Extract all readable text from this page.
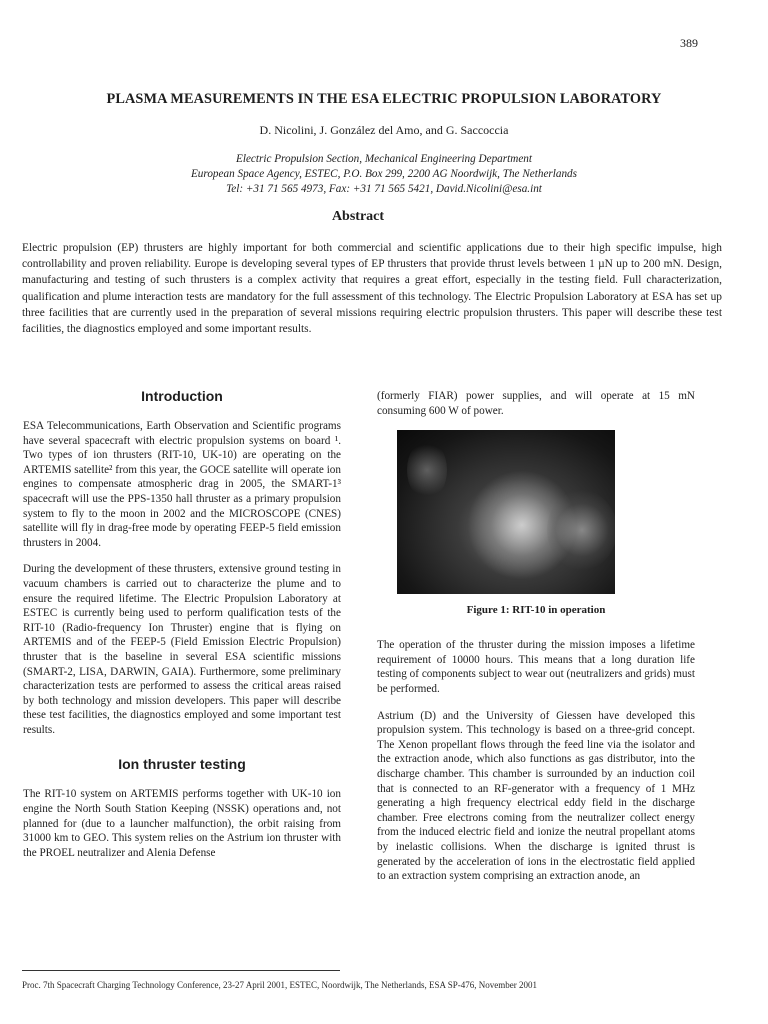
389
PLASMA MEASUREMENTS IN THE ESA ELECTRIC PROPULSION LABORATORY
D. Nicolini, J. González del Amo, and G. Saccoccia
Electric Propulsion Section, Mechanical Engineering Department
European Space Agency, ESTEC, P.O. Box 299, 2200 AG Noordwijk, The Netherlands
Tel: +31 71 565 4973, Fax: +31 71 565 5421, David.Nicolini@esa.int
Abstract

Electric propulsion (EP) thrusters are highly important for both commercial and scientific applications due to their high specific impulse, high controllability and proven reliability. Europe is developing several types of EP thrusters that provide thrust levels between 1 µN up to 200 mN. Design, manufacturing and testing of such thrusters is a complex activity that requires a great effort, especially in the testing field. Full characterization, qualification and plume interaction tests are mandatory for the full assessment of this technology. The Electric Propulsion Laboratory at ESA has set up three facilities that are currently used in the preparation of several missions requiring electric propulsion thrusters. This paper will describe these test facilities, the diagnostics employed and some important results.

Introduction

ESA Telecommunications, Earth Observation and Scientific programs have several spacecraft with electric propulsion systems on board ¹. Two types of ion thrusters (RIT-10, UK-10) are operating on the ARTEMIS satellite² from this year, the GOCE satellite will operate ion engines to compensate atmospheric drag in 2005, the SMART-1³ spacecraft will use the PPS-1350 hall thruster as a primary propulsion system to fly to the moon in 2002 and the MICROSCOPE (CNES) satellite will fly in drag-free mode by operating FEEP-5 field emission thrusters in 2004.

During the development of these thrusters, extensive ground testing in vacuum chambers is carried out to characterize the plume and to ensure the required lifetime. The Electric Propulsion Laboratory at ESTEC is currently being used to perform qualification tests of the RIT-10 (Radio-frequency Ion Thruster) engine that is flying on ARTEMIS and of the FEEP-5 (Field Emission Electric Propulsion) thruster that is the baseline in several ESA scientific missions (SMART-2, LISA, DARWIN, GAIA). Furthermore, some preliminary characterization tests are performed to assess the critical areas raised by both technology and mission developers. This paper will describe these test facilities, the diagnostics employed and some important test results.

Ion thruster testing

The RIT-10 system on ARTEMIS performs together with UK-10 ion engine the North South Station Keeping (NSSK) operations and, not planned for (due to a launcher malfunction), the orbit raising from 31000 km to GEO. This system relies on the Astrium ion thruster with the PROEL neutralizer and Alenia Defense

(formerly FIAR) power supplies, and will operate at 15 mN consuming 600 W of power.

Figure 1: RIT-10 in operation

The operation of the thruster during the mission imposes a lifetime requirement of 10000 hours. This means that a long duration life testing of components subject to wear out (neutralizers and grids) must be performed.

Astrium (D) and the University of Giessen have developed this propulsion system. This technology is based on a three-grid concept. The Xenon propellant flows through the feed line via the isolator and the extraction anode, which also functions as gas distributor, into the discharge chamber. This chamber is surrounded by an induction coil that is connected to an RF-generator with a frequency of 1 MHz generating a high frequency electrical eddy field in the discharge chamber. Free electrons coming from the neutralizer collect energy from the induced electric field and ionize the neutral propellant atoms by inelastic collisions. When the discharge is ignited thrust is generated by the acceleration of ions in the electrostatic field applied to an extraction system comprising an extraction anode, an

Proc. 7th Spacecraft Charging Technology Conference, 23-27 April 2001, ESTEC, Noordwijk, The Netherlands, ESA SP-476, November 2001
